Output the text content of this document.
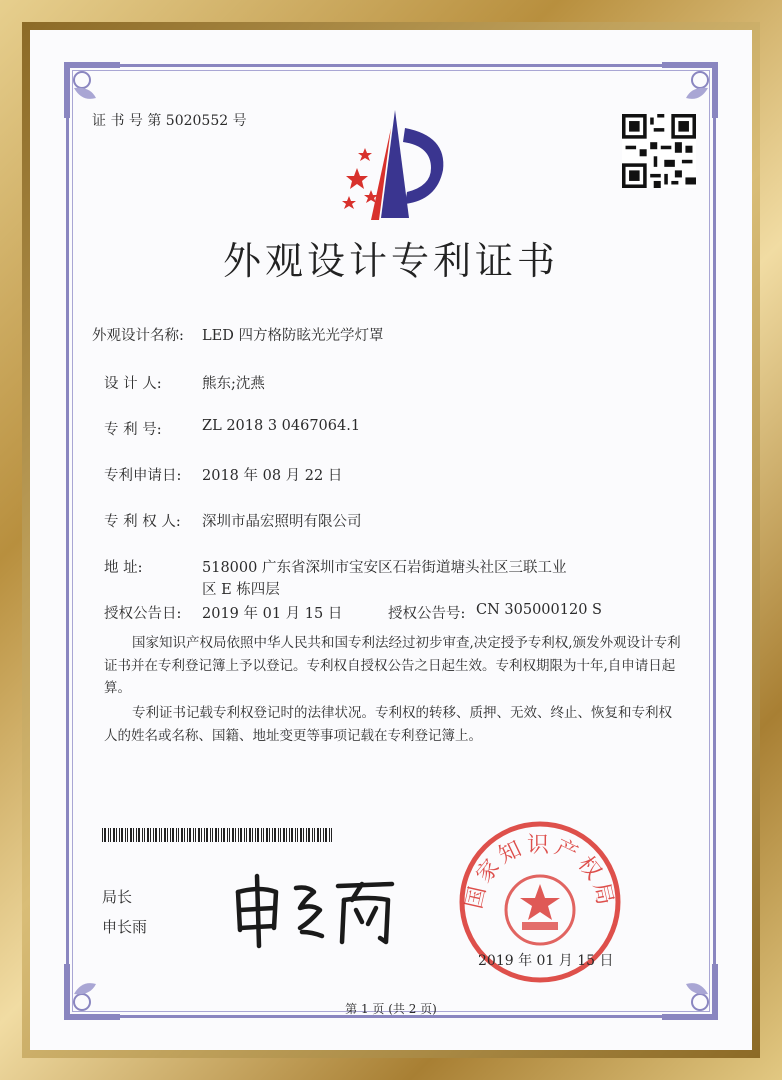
证 书 号 第 5020552 号
外观设计专利证书
外观设计名称: LED 四方格防眩光光学灯罩
设 计 人:	熊东;沈燕
专 利 号:	ZL 2018 3 0467064.1
专利申请日: 2018 年 08 月 22 日
专 利 权 人: 深圳市晶宏照明有限公司
地 址:	518000 广东省深圳市宝安区石岩街道塘头社区三联工业
区 E 栋四层
授权公告日: 2019 年 01 月 15 日	授权公告号: CN 305000120 S
国家知识产权局依照中华人民共和国专利法经过初步审查,决定授予专利权,颁发外观设计专利证书并在专利登记簿上予以登记。专利权自授权公告之日起生效。专利权期限为十年,自申请日起算。
专利证书记载专利权登记时的法律状况。专利权的转移、质押、无效、终止、恢复和专利权人的姓名或名称、国籍、地址变更等事项记载在专利登记簿上。
局长
申长雨
国家知识产权局
2019 年 01 月 15 日
第 1 页 (共 2 页)
